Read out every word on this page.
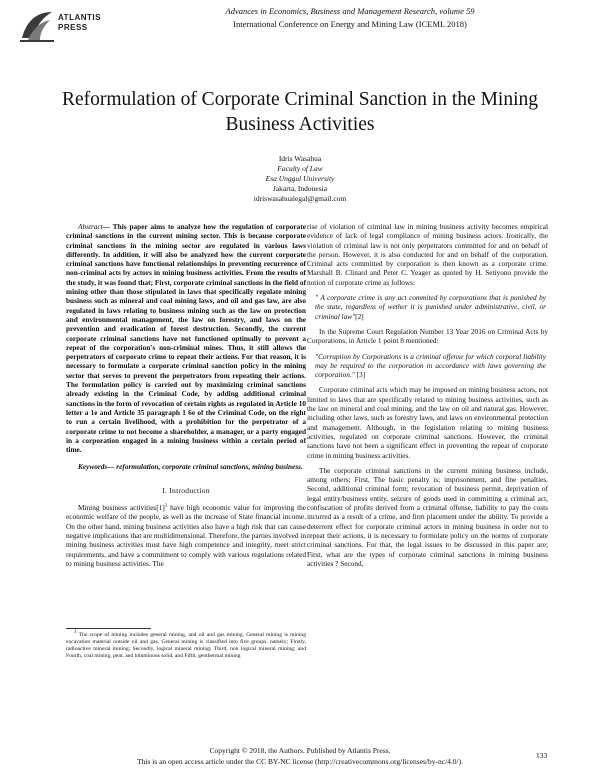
ATLANTIS
PRESS
Advances in Economics, Business and Management Research, volume 59
International Conference on Energy and Mining Law (ICEML 2018)
Reformulation of Corporate Criminal Sanction in the Mining Business Activities
Idris Wasahua
Faculty of Law
Esa Unggul University
Jakarta, Indonesia
idriswasahualegal@gmail.com

Abstract— This paper aims to analyze how the regulation of corporate criminal sanctions in the current mining sector. This is because corporate criminal sanctions in the mining sector are regulated in various laws differently. In addition, it will also be analyzed how the current corporate criminal sanctions have functional relationships in preventing recurrence of non-criminal acts by actors in mining business activities. From the results of the study, it was found that; First, corporate criminal sanctions in the field of mining other than those stipulated in laws that specifically regulate mining business such as mineral and coal mining laws, and oil and gas law, are also regulated in laws relating to business mining such as the law on protection and environmental management, the law on forestry, and laws on the prevention and eradication of forest destruction. Secondly, the current corporate criminal sanctions have not functioned optimally to prevent a repeat of the corporation's non-criminal mines. Thus, it still allows the perpetrators of corporate crime to repeat their actions. For that reason, it is necessary to formulate a corporate criminal sanction policy in the mining sector that serves to prevent the perpetrators from repeating their actions. The formulation policy is carried out by maximizing criminal sanctions already existing in the Criminal Code, by adding additional criminal sanctions in the form of revocation of certain rights as regulated in Article 10 letter a 1e and Article 35 paragraph 1 6e of the Criminal Code, on the right to run a certain livelihood, with a prohibition for the perpetrator of a corporate crime to not become a shareholder, a manager, or a party engaged in a corporation engaged in a mining business within a certain period of time.

Keywords— reformulation, corporate criminal sanctions, mining business.

I. Introduction

Mining business $activities[1]^1$ have high economic value for improving the economic welfare of the people, as well as the increase of State financial income. On the other hand, mining business activities also have a high risk that can cause negative implications that are multidimensional. Therefore, the parties involved in mining business activities must have high competence and integrity, meet strict requirements, and have a commitment to comply with various regulations related to mining business activities. The

$^1$ The scope of mining includes general mining, and oil and gas mining. General mining is mining excavation material outside oil and gas. General mining is classified into five groups, namely; Firstly, radioactive mineral mining; Secondly, logical mineral mining; Third, non logical mineral mining; and Fourth, coal mining, peat, and bituminous solid, and Fifth, geothermal mining

rise of violation of criminal law in mining business activity becomes empirical evidence of lack of legal compliance of mining business actors. Ironically, the violation of criminal law is not only perpetrators committed for and on behalf of the person. However, it is also conducted for and on behalf of the corporation. Criminal acts committed by corporation is then known as a corporate crime. Marshall B. Clinard and Peter C. Yeager as quoted by H. Setiyono provide the notion of corporate crime as follows:

" A corporate crime is any act commited by corporations that is punished by the state, regardless of wether it is punished under administrative, civil, or criminal law"[2]

In the Supreme Court Regulation Number 13 Year 2016 on Criminal Acts by Corporations, in Article 1 point 8 mentioned:

"Corruption by Corporations is a criminal offense for which corporal liability may be required to the corporation in accordance with laws governing the corporation." [3]

Corporate criminal acts which may be imposed on mining business actors, not limited to laws that are specifically related to mining business activities, such as the law on mineral and coal mining, and the law on oil and natural gas. However, including other laws, such as forestry laws, and laws on environmental protection and management. Although, in the legislation relating to mining business activities, regulated on corporate criminal sanctions. However, the criminal sanctions have not been a significant effect in preventing the repeat of corporate crime in mining business activities.

The corporate criminal sanctions in the current mining business include, among others; First, The basic penalty is; imprisonment, and fine penalties. Second, additional criminal form; revocation of business permit, deprivation of legal entity/business entity, seizure of goods used in committing a criminal act, confiscation of profits derived from a criminal offense, liability to pay the costs incurred as a result of a crime, and firm placement under the ability. To provide a deterrent effect for corporate criminal actors in mining business in order not to repeat their actions, it is necessary to formulate policy on the norms of corporate criminal sanctions. For that, the legal issues to be discussed in this paper are; First, what are the types of corporate criminal sanctions in mining business activities ? Second,

Copyright © 2018, the Authors. Published by Atlantis Press.
This is an open access article under the CC BY-NC license (http://creativecommons.org/licenses/by-nc/4.0/).
133
